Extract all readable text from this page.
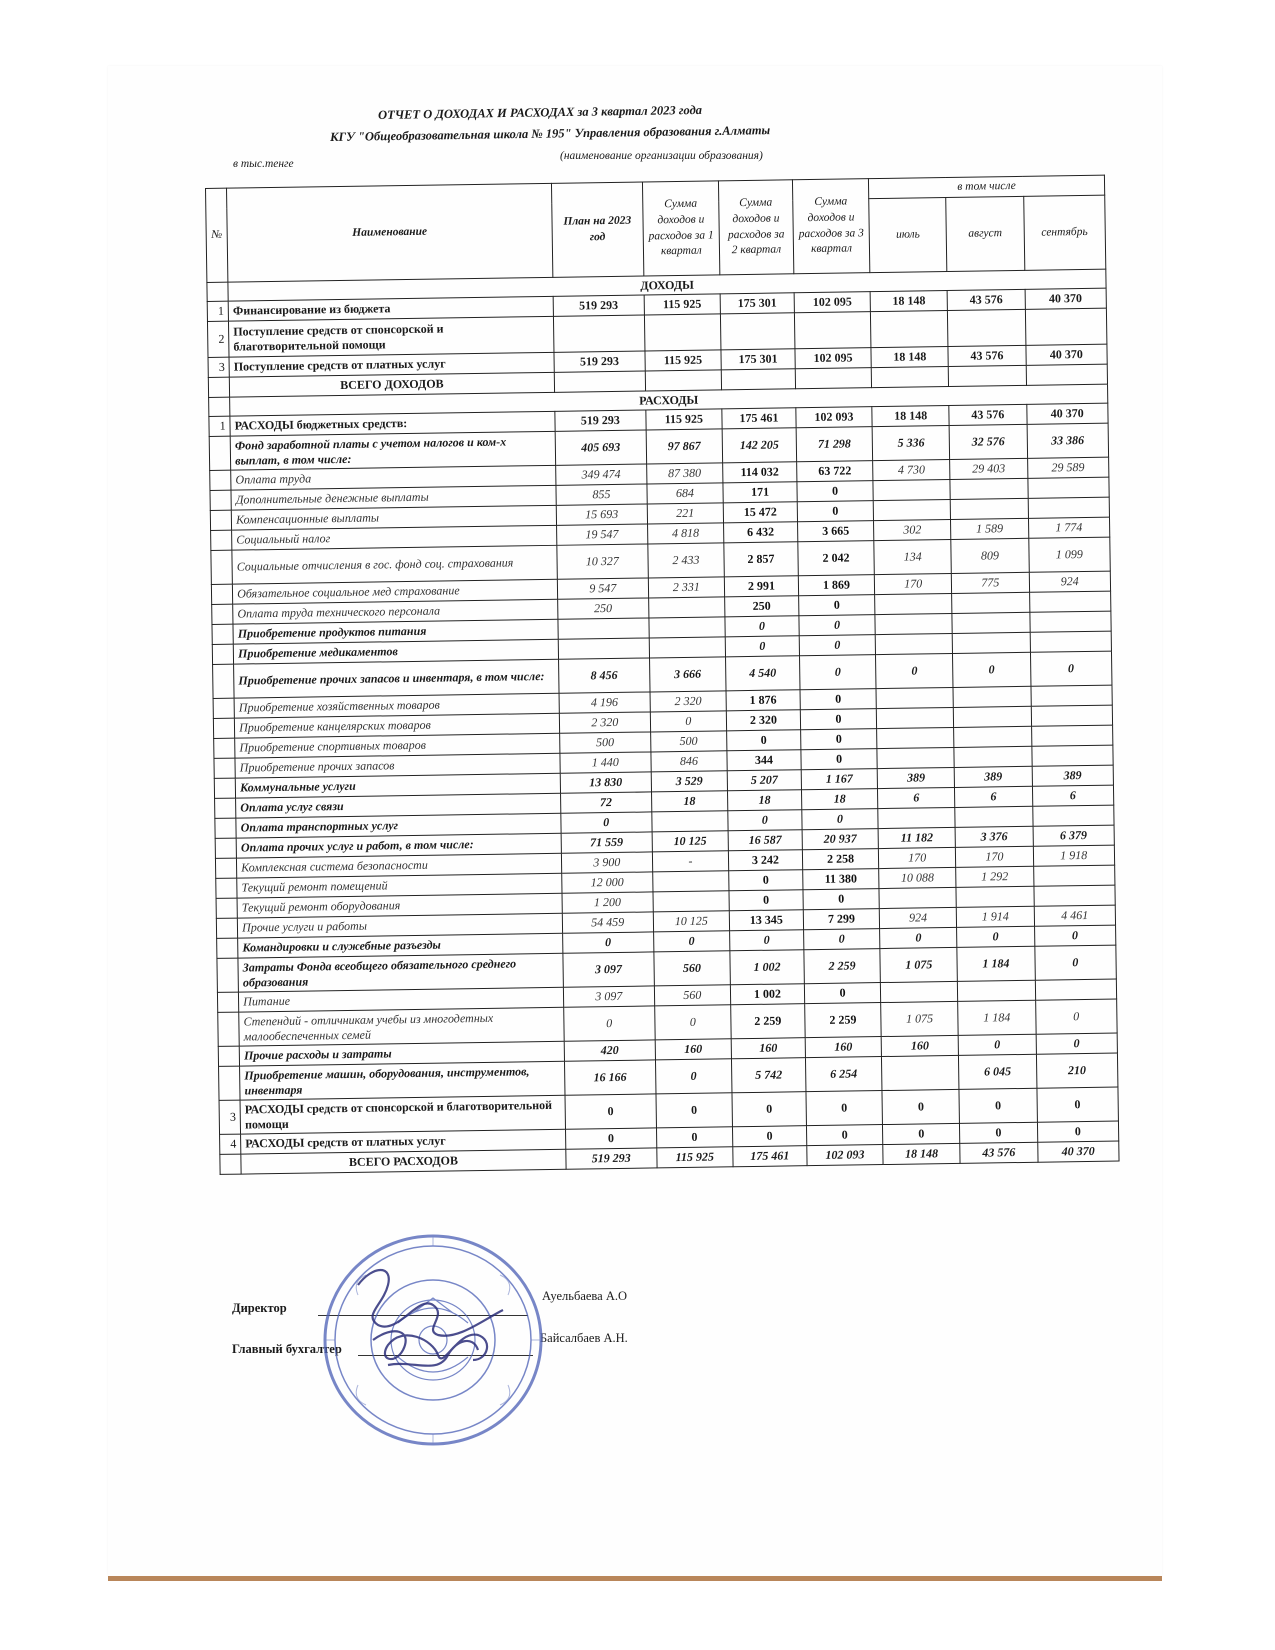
ОТЧЕТ О ДОХОДАХ И РАСХОДАХ за 3 квартал 2023 года
КГУ "Общеобразовательная школа № 195" Управления образования г.Алматы
в тыс.тенге
(наименование организации образования)
№	Наименование	План на 2023 год	Сумма доходов и расходов за 1 квартал	Сумма доходов и расходов за 2 квартал	Сумма доходов и расходов за 3 квартал	в том числе		
						июль	август	сентябрь
	ДОХОДЫ							
1	Финансирование из бюджета	519 293	115 925	175 301	102 095	18 148	43 576	40 370
2	Поступление средств от спонсорской и благотворительной помощи							
3	Поступление средств от платных услуг	519 293	115 925	175 301	102 095	18 148	43 576	40 370
	ВСЕГО ДОХОДОВ							
	РАСХОДЫ							
1	РАСХОДЫ бюджетных средств:	519 293	115 925	175 461	102 093	18 148	43 576	40 370
	Фонд заработной платы с учетом налогов и ком-х выплат, в том числе:	405 693	97 867	142 205	71 298	5 336	32 576	33 386
	Оплата труда	349 474	87 380	114 032	63 722	4 730	29 403	29 589
	Дополнительные денежные выплаты	855	684	171	0			
	Компенсационные выплаты	15 693	221	15 472	0			
	Социальный налог	19 547	4 818	6 432	3 665	302	1 589	1 774
	Социальные отчисления в гос. фонд соц. страхования	10 327	2 433	2 857	2 042	134	809	1 099
	Обязательное социальное мед страхование	9 547	2 331	2 991	1 869	170	775	924
	Оплата труда технического персонала	250		250	0			
	Приобретение продуктов питания			0	0			
	Приобретение медикаментов			0	0			
	Приобретение прочих запасов и инвентаря, в том числе:	8 456	3 666	4 540	0	0	0	0
	Приобретение хозяйственных товаров	4 196	2 320	1 876	0			
	Приобретение канцелярских товаров	2 320	0	2 320	0			
	Приобретение спортивных товаров	500	500	0	0			
	Приобретение прочих запасов	1 440	846	344	0			
	Коммунальные услуги	13 830	3 529	5 207	1 167	389	389	389
	Оплата услуг связи	72	18	18	18	6	6	6
	Оплата транспортных услуг	0		0	0			
	Оплата прочих услуг и работ, в том числе:	71 559	10 125	16 587	20 937	11 182	3 376	6 379
	Комплексная система безопасности	3 900	-	3 242	2 258	170	170	1 918
	Текущий ремонт помещений	12 000		0	11 380	10 088	1 292	
	Текущий ремонт оборудования	1 200		0	0			
	Прочие услуги и работы	54 459	10 125	13 345	7 299	924	1 914	4 461
	Командировки и служебные разъезды	0	0	0	0	0	0	0
	Затраты Фонда всеобщего обязательного среднего образования	3 097	560	1 002	2 259	1 075	1 184	0
	Питание	3 097	560	1 002	0			
	Степендий - отличникам учебы из многодетных малообеспеченных семей	0	0	2 259	2 259	1 075	1 184	0
	Прочие расходы и затраты	420	160	160	160	160	0	0
	Приобретение машин, оборудования, инструментов, инвентаря	16 166	0	5 742	6 254		6 045	210
3	РАСХОДЫ средств от спонсорской и благотворительной помощи	0	0	0	0	0	0	0
4	РАСХОДЫ средств от платных услуг	0	0	0	0	0	0	0
	ВСЕГО РАСХОДОВ	519 293	115 925	175 461	102 093	18 148	43 576	40 370
Директор
Ауельбаева А.О
Главный бухгалтер
Байсалбаев А.Н.
